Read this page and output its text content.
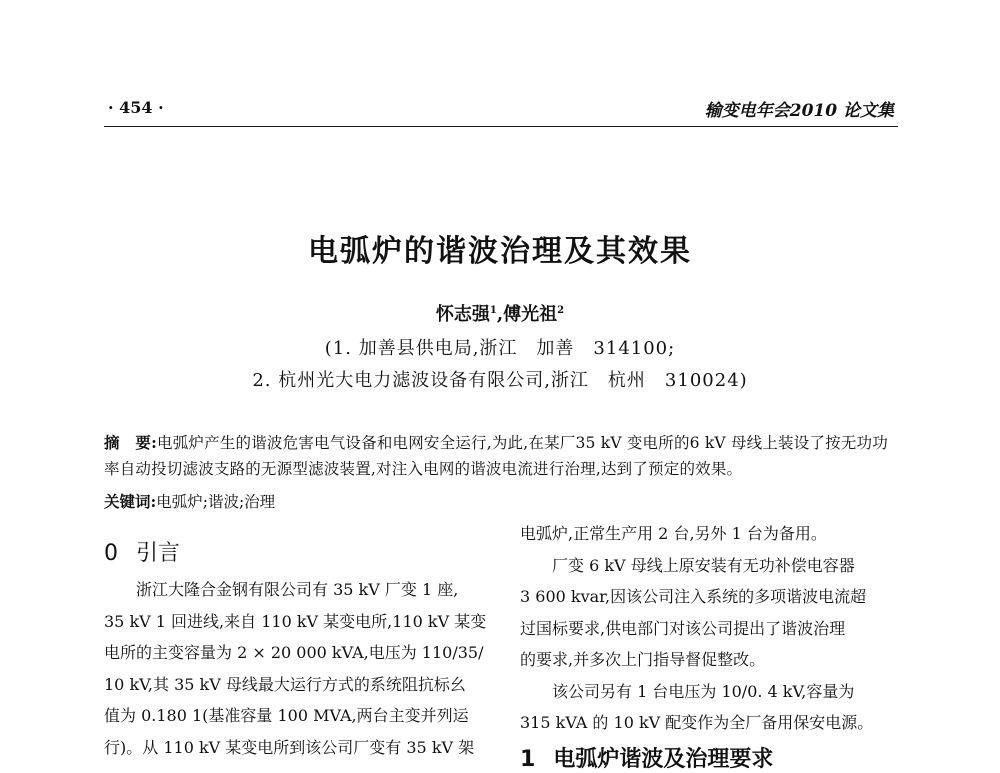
· 454 ·	输变电年会2010 论文集
电弧炉的谐波治理及其效果
怀志强$^1$,傅光祖$^2$
(1. 加善县供电局,浙江　加善　314100;
2. 杭州光大电力滤波设备有限公司,浙江　杭州　310024)
摘　要:电弧炉产生的谐波危害电气设备和电网安全运行,为此,在某厂35 kV 变电所的6 kV 母线上装设了按无功功率自动投切滤波支路的无源型滤波装置,对注入电网的谐波电流进行治理,达到了预定的效果。
关键词:电弧炉;谐波;治理
0 引言
浙江大隆合金钢有限公司有 35 kV 厂变 1 座,
35 kV 1 回进线,来自 110 kV 某变电所,110 kV 某变
电所的主变容量为 2 × 20 000 kVA,电压为 110/35/
10 kV,其 35 kV 母线最大运行方式的系统阻抗标幺
值为 0.180 1(基准容量 100 MVA,两台主变并列运
行)。从 110 kV 某变电所到该公司厂变有 35 kV 架
电弧炉,正常生产用 2 台,另外 1 台为备用。
厂变 6 kV 母线上原安装有无功补偿电容器
3 600 kvar,因该公司注入系统的多项谐波电流超
过国标要求,供电部门对该公司提出了谐波治理
的要求,并多次上门指导督促整改。
该公司另有 1 台电压为 10/0. 4 kV,容量为
315 kVA 的 10 kV 配变作为全厂备用保安电源。
1 电弧炉谐波及治理要求
